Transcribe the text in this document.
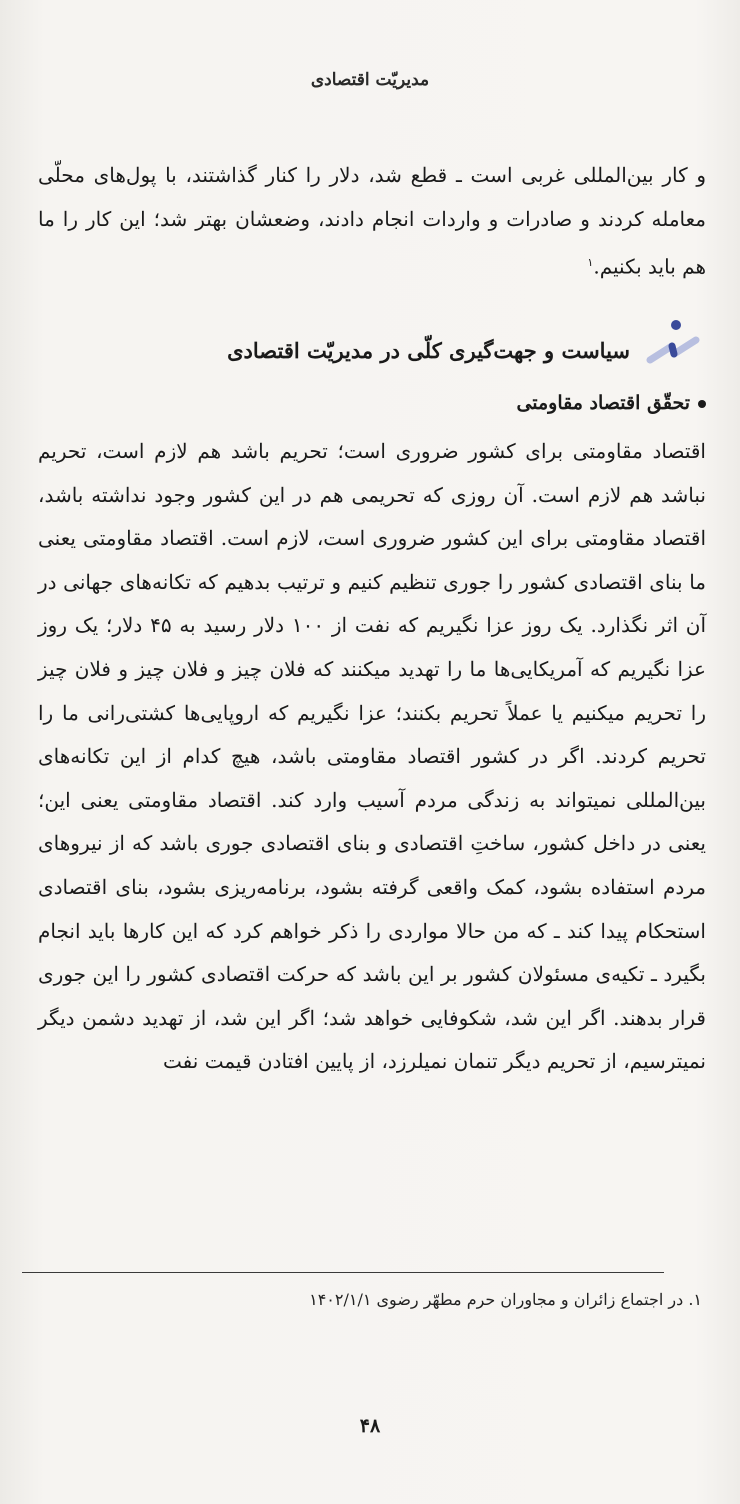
مدیریّت اقتصادی

و کار بین‌المللی غربی است ـ قطع شد، دلار را کنار گذاشتند، با پول‌های محلّی معامله کردند و صادرات و واردات انجام دادند، وضعشان بهتر شد؛ این کار را ما هم باید بکنیم.$^۱$

سیاست و جهت‌گیری کلّی در مدیریّت اقتصادی
تحقّق اقتصاد مقاومتی

اقتصاد مقاومتی برای کشور ضروری است؛ تحریم باشد هم لازم است، تحریم نباشد هم لازم است. آن روزی که تحریمی هم در این کشور وجود نداشته باشد، اقتصاد مقاومتی برای این کشور ضروری است، لازم است. اقتصاد مقاومتی یعنی ما بنای اقتصادی کشور را جوری تنظیم کنیم و ترتیب بدهیم که تکانه‌های جهانی در آن اثر نگذارد. یک روز عزا نگیریم که نفت از ۱۰۰ دلار رسید به ۴۵ دلار؛ یک روز عزا نگیریم که آمریکایی‌ها ما را تهدید میکنند که فلان چیز و فلان چیز و فلان چیز را تحریم میکنیم یا عملاً تحریم بکنند؛ عزا نگیریم که اروپایی‌ها کشتی‌رانی ما را تحریم کردند. اگر در کشور اقتصاد مقاومتی باشد، هیچ کدام از این تکانه‌های بین‌المللی نمیتواند به زندگی مردم آسیب وارد کند. اقتصاد مقاومتی یعنی این؛ یعنی در داخل کشور، ساختِ اقتصادی و بنای اقتصادی جوری باشد که از نیروهای مردم استفاده بشود، کمک واقعی گرفته بشود، برنامه‌ریزی بشود، بنای اقتصادی استحکام پیدا کند ـ که من حالا مواردی را ذکر خواهم کرد که این کارها باید انجام بگیرد ـ تکیه‌ی مسئولان کشور بر این باشد که حرکت اقتصادی کشور را این جوری قرار بدهند. اگر این شد، شکوفایی خواهد شد؛ اگر این شد، از تهدید دشمن دیگر نمیترسیم، از تحریم دیگر تنمان نمیلرزد، از پایین افتادن قیمت نفت

۱. در اجتماع زائران و مجاوران حرم مطهّر رضوی ۱۴۰۲/۱/۱
۴۸
